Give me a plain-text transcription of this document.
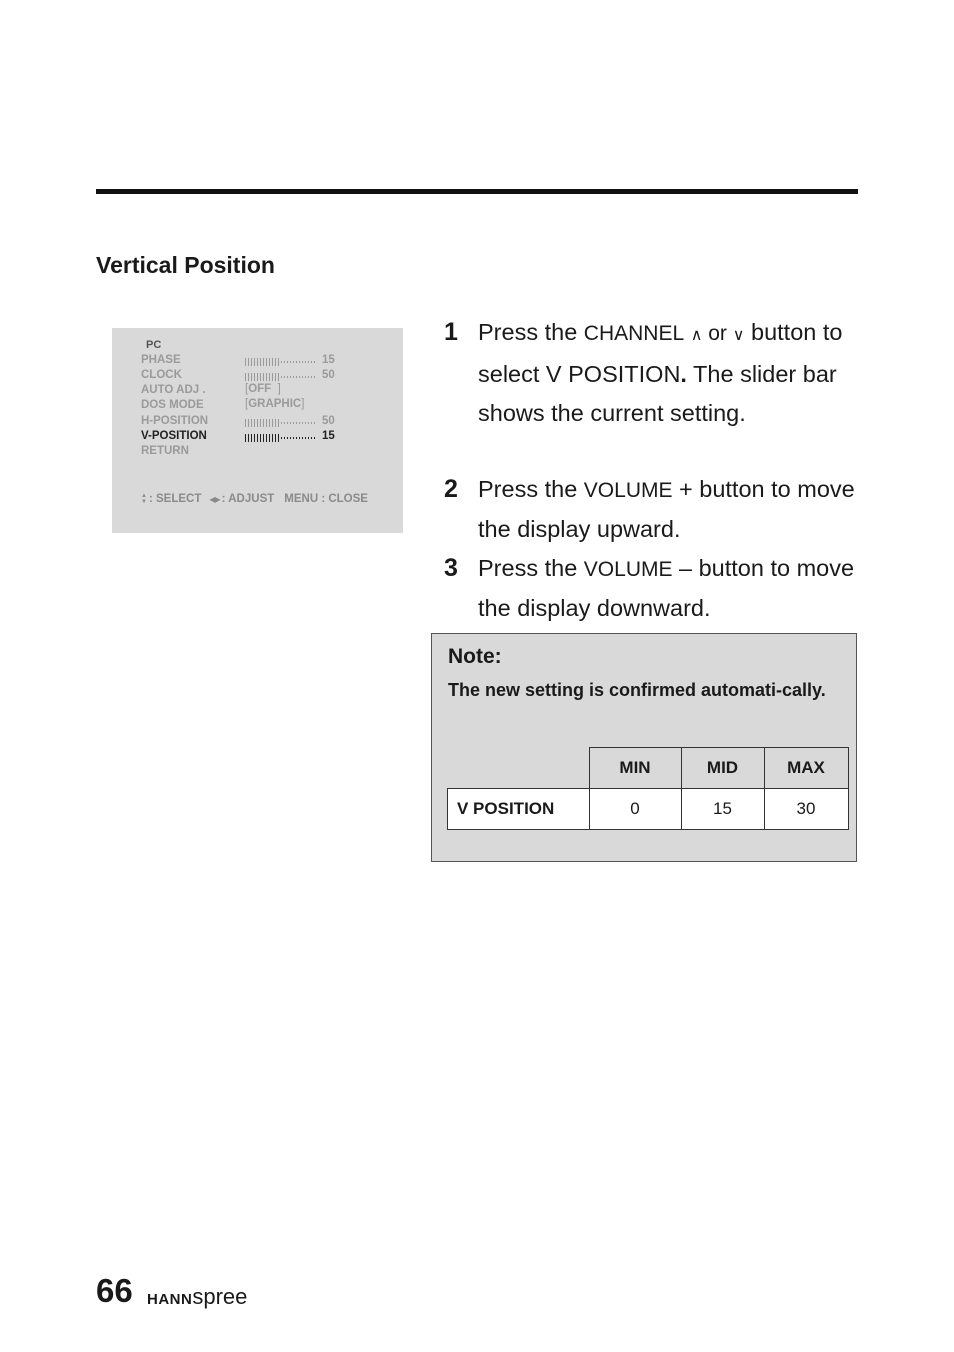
Vertical Position
PC
PHASE	15
CLOCK	50
AUTO ADJ .	[OFF ]
DOS MODE	[GRAPHIC]
H-POSITION	50
V-POSITION	15
RETURN
▲
▼ : SELECT ◀▶ : ADJUST MENU : CLOSE
1 Press the CHANNEL ∧ or ∨ button to select V POSITION. The slider bar shows the current setting.
2 Press the VOLUME + button to move the display upward.
3 Press the VOLUME – button to move the display downward.
Note:
The new setting is confirmed automati-cally.
	MIN	MID	MAX
V POSITION	0	15	30
66 HANNspree
